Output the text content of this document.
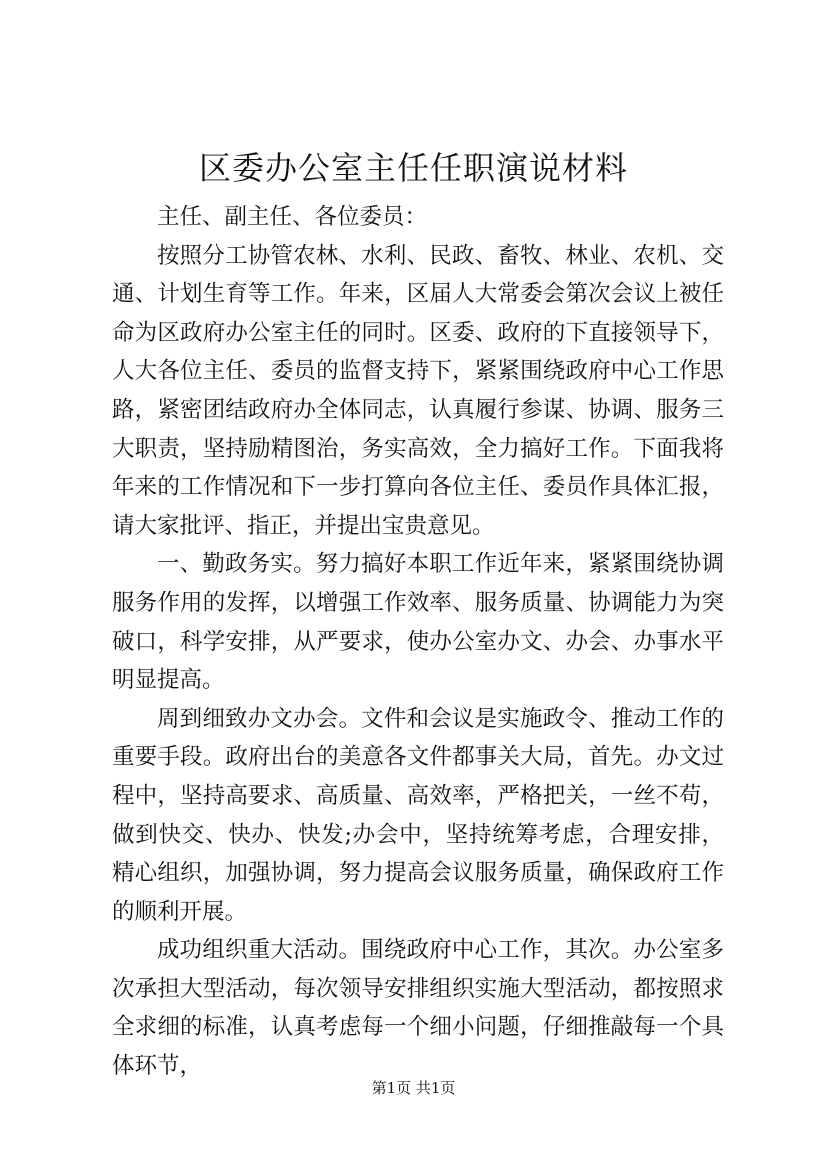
区委办公室主任任职演说材料

主任、副主任、各位委员：

按照分工协管农林、水利、民政、畜牧、林业、农机、交通、计划生育等工作。年来，区届人大常委会第次会议上被任命为区政府办公室主任的同时。区委、政府的下直接领导下，人大各位主任、委员的监督支持下，紧紧围绕政府中心工作思路，紧密团结政府办全体同志，认真履行参谋、协调、服务三大职责，坚持励精图治，务实高效，全力搞好工作。下面我将年来的工作情况和下一步打算向各位主任、委员作具体汇报，请大家批评、指正，并提出宝贵意见。

一、勤政务实。努力搞好本职工作近年来，紧紧围绕协调服务作用的发挥，以增强工作效率、服务质量、协调能力为突破口，科学安排，从严要求，使办公室办文、办会、办事水平明显提高。

周到细致办文办会。文件和会议是实施政令、推动工作的重要手段。政府出台的美意各文件都事关大局，首先。办文过程中，坚持高要求、高质量、高效率，严格把关，一丝不苟，做到快交、快办、快发;办会中，坚持统筹考虑，合理安排，精心组织，加强协调，努力提高会议服务质量，确保政府工作的顺利开展。

成功组织重大活动。围绕政府中心工作，其次。办公室多次承担大型活动，每次领导安排组织实施大型活动，都按照求全求细的标准，认真考虑每一个细小问题，仔细推敲每一个具体环节，

第1页 共1页
